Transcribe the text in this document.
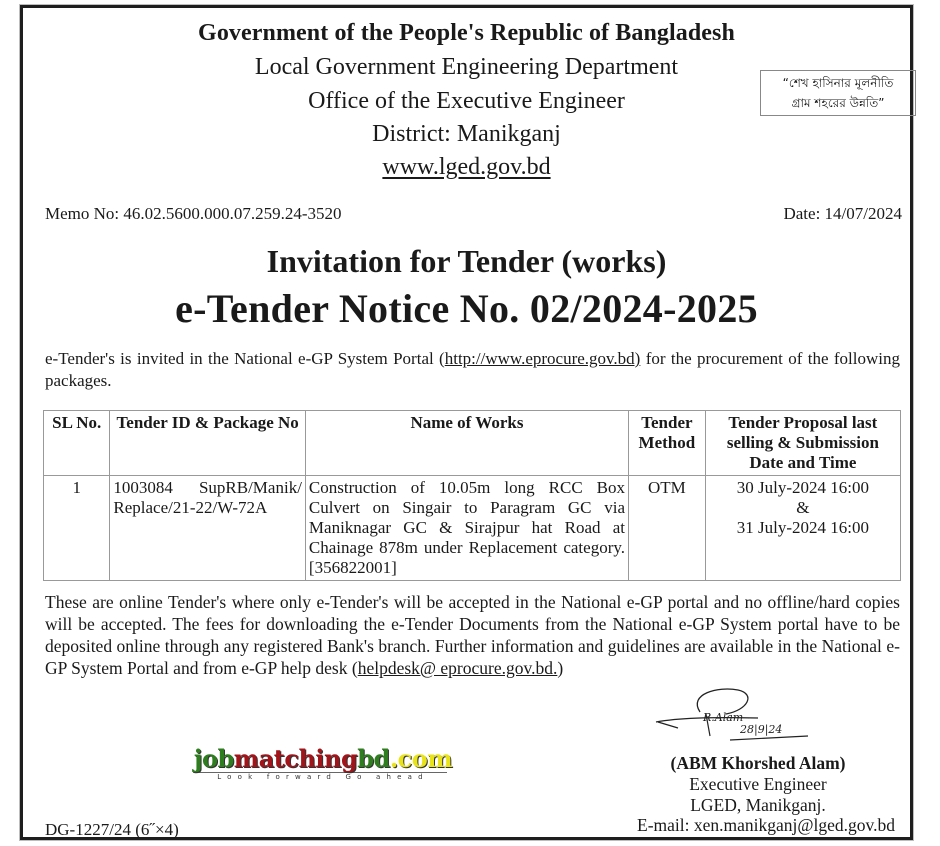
Government of the People's Republic of Bangladesh
Local Government Engineering Department
Office of the Executive Engineer
District: Manikganj
www.lged.gov.bd
“শেখ হাসিনার মূলনীতি
গ্রাম শহরের উন্নতি”
Memo No: 46.02.5600.000.07.259.24-3520	Date: 14/07/2024
Invitation for Tender (works)
e-Tender Notice No. 02/2024-2025
e-Tender's is invited in the National e-GP System Portal (http://www.eprocure.gov.bd) for the procurement of the following packages.
SL No.	Tender ID & Package No	Name of Works	Tender Method	Tender Proposal last selling & Submission Date and Time
1	1003084 SupRB/Manik/ Replace/21-22/W-72A	Construction of 10.05m long RCC Box Culvert on Singair to Paragram GC via Maniknagar GC & Sirajpur hat Road at Chainage 878m under Replacement category. [356822001]	OTM	30 July-2024 16:00
&
31 July-2024 16:00
These are online Tender's where only e-Tender's will be accepted in the National e-GP portal and no offline/hard copies will be accepted. The fees for downloading the e-Tender Documents from the National e-GP System portal have to be deposited online through any registered Bank's branch. Further information and guidelines are available in the National e-GP System Portal and from e-GP help desk (helpdesk@ eprocure.gov.bd.)
R.Alam
28|9|24
jobmatchingbd.com
Look forward Go ahead
(ABM Khorshed Alam)
Executive Engineer
LGED, Manikganj.
DG-1227/24 (6˝×4)	E-mail: xen.manikganj@lged.gov.bd
